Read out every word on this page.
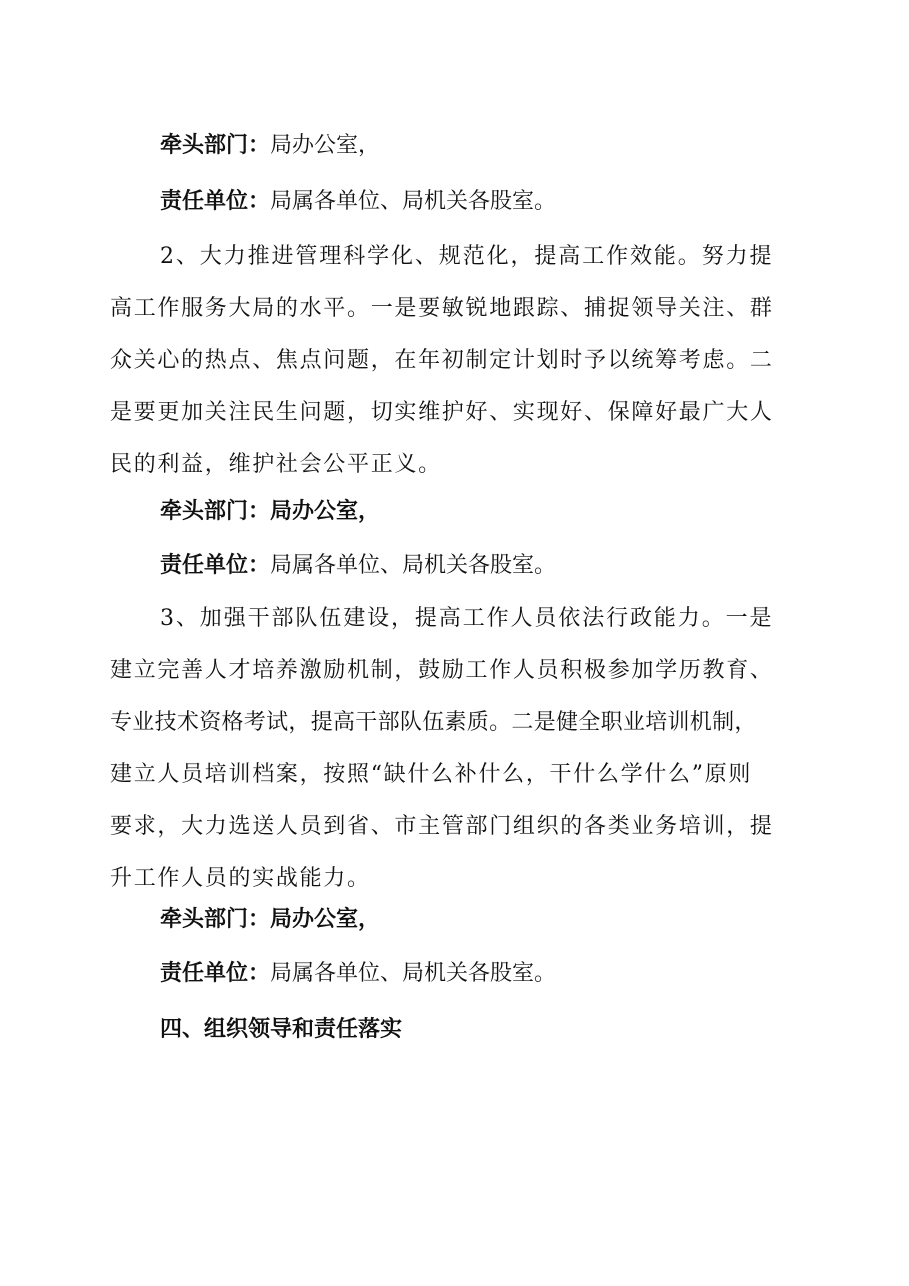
牵头部门：局办公室，
责任单位：局属各单位、局机关各股室。
2、大力推进管理科学化、规范化，提高工作效能。努力提
高工作服务大局的水平。一是要敏锐地跟踪、捕捉领导关注、群
众关心的热点、焦点问题，在年初制定计划时予以统筹考虑。二
是要更加关注民生问题，切实维护好、实现好、保障好最广大人
民的利益，维护社会公平正义。
牵头部门：局办公室，
责任单位：局属各单位、局机关各股室。
3、加强干部队伍建设，提高工作人员依法行政能力。一是
建立完善人才培养激励机制，鼓励工作人员积极参加学历教育、
专业技术资格考试，提高干部队伍素质。二是健全职业培训机制，
建立人员培训档案，按照“缺什么补什么，干什么学什么”原则
要求，大力选送人员到省、市主管部门组织的各类业务培训，提
升工作人员的实战能力。
牵头部门：局办公室，
责任单位：局属各单位、局机关各股室。
四、组织领导和责任落实
